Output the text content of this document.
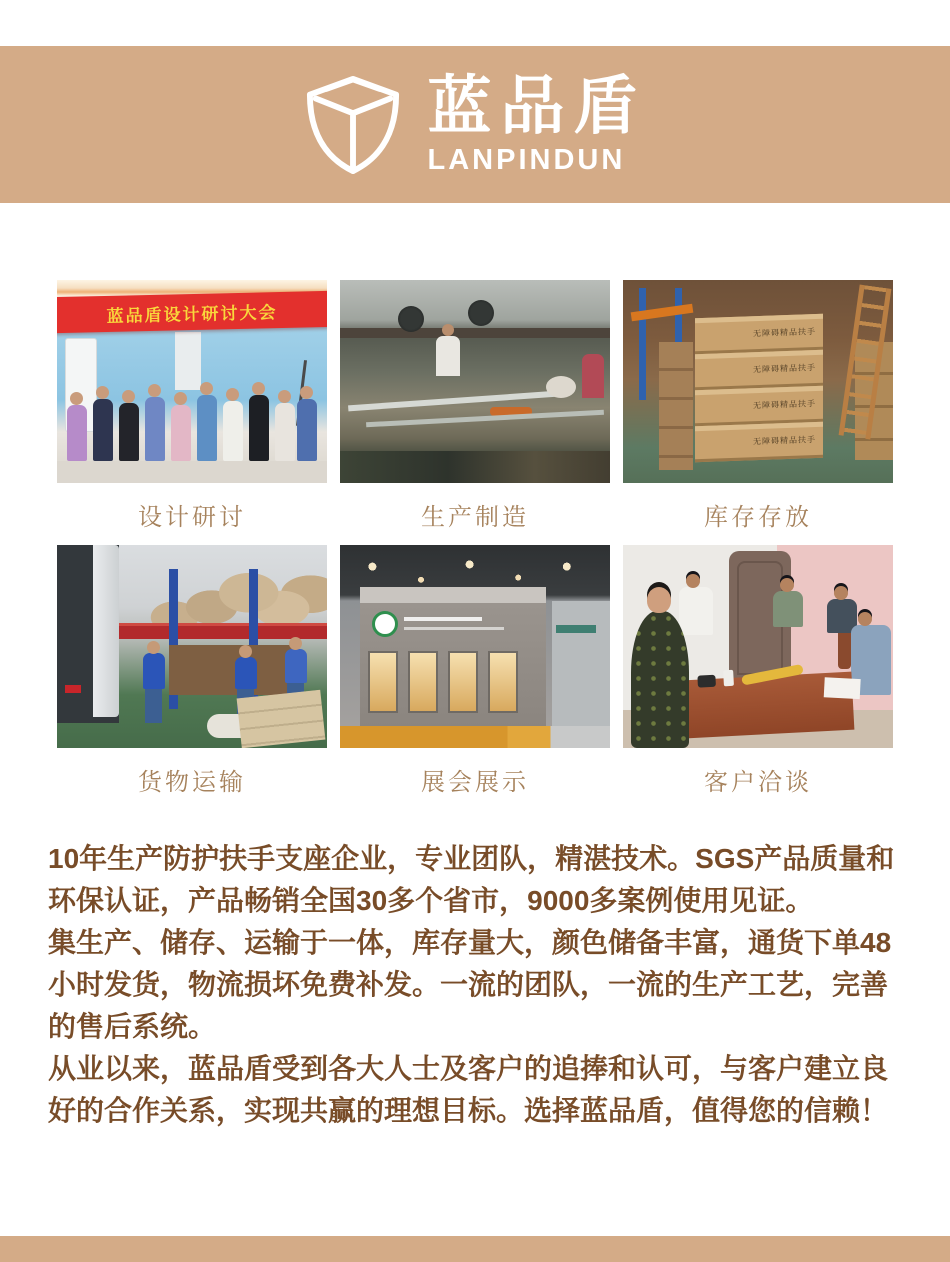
蓝品盾
LANPINDUN
蓝品盾设计研讨大会
设计研讨	生产制造
无障碍精品扶手
无障碍精品扶手
无障碍精品扶手
无障碍精品扶手
库存存放
货物运输	展会展示	客户洽谈

10年生产防护扶手支座企业，专业团队，精湛技术。SGS产品质量和环保认证，产品畅销全国30多个省市，9000多案例使用见证。

集生产、储存、运输于一体，库存量大，颜色储备丰富，通货下单48小时发货，物流损坏免费补发。一流的团队，一流的生产工艺，完善的售后系统。

从业以来，蓝品盾受到各大人士及客户的追捧和认可，与客户建立良好的合作关系，实现共赢的理想目标。选择蓝品盾，值得您的信赖！
